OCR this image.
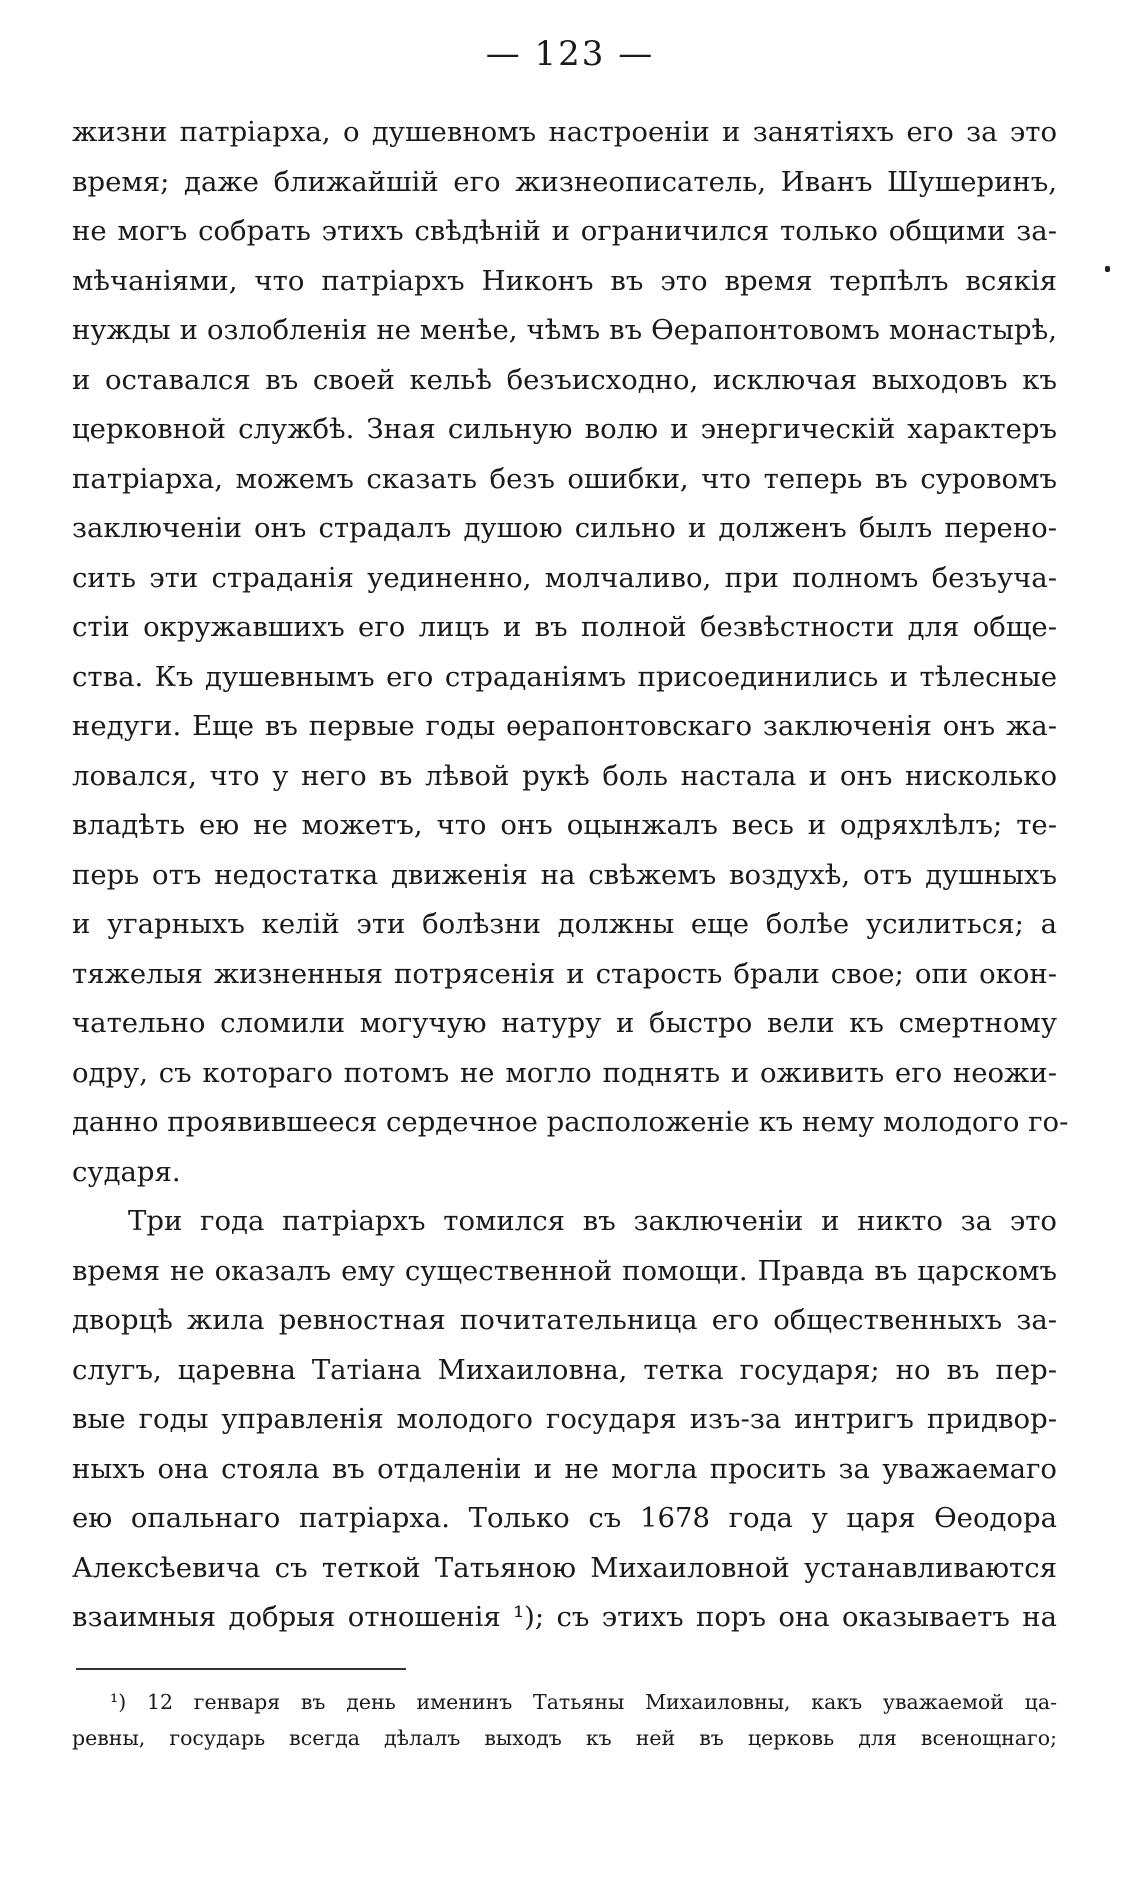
— 123 —
жизни патріарха, о душевномъ настроеніи и занятіяхъ его за это
время; даже ближайшій его жизнеописатель, Иванъ Шушеринъ,
не могъ собрать этихъ свѣдѣній и ограничился только общими за-
мѣчаніями, что патріархъ Никонъ въ это время терпѣлъ всякія
нужды и озлобленія не менѣе, чѣмъ въ Ѳерапонтовомъ монастырѣ,
и оставался въ своей кельѣ безъисходно, исключая выходовъ къ
церковной службѣ. Зная сильную волю и энергическій характеръ
патріарха, можемъ сказать безъ ошибки, что теперь въ суровомъ
заключеніи онъ страдалъ душою сильно и долженъ былъ перено-
сить эти страданія уединенно, молчаливо, при полномъ безъуча-
стіи окружавшихъ его лицъ и въ полной безвѣстности для обще-
ства. Къ душевнымъ его страданіямъ присоединились и тѣлесные
недуги. Еще въ первые годы ѳерапонтовскаго заключенія онъ жа-
ловался, что у него въ лѣвой рукѣ боль настала и онъ нисколько
владѣть ею не можетъ, что онъ оцынжалъ весь и одряхлѣлъ; те-
перь отъ недостатка движенія на свѣжемъ воздухѣ, отъ душныхъ
и угарныхъ келій эти болѣзни должны еще болѣе усилиться; а
тяжелыя жизненныя потрясенія и старость брали свое; опи окон-
чательно сломили могучую натуру и быстро вели къ смертному
одру, съ котораго потомъ не могло поднять и оживить его неожи-
данно проявившееся сердечное расположеніе къ нему молодого го-
сударя.
Три года патріархъ томился въ заключеніи и никто за это
время не оказалъ ему существенной помощи. Правда въ царскомъ
дворцѣ жила ревностная почитательница его общественныхъ за-
слугъ, царевна Татіана Михаиловна, тетка государя; но въ пер-
вые годы управленія молодого государя изъ-за интригъ придвор-
ныхъ она стояла въ отдаленіи и не могла просить за уважаемаго
ею опальнаго патріарха. Только съ 1678 года у царя Ѳеодора
Алексѣевича съ теткой Татьяною Михаиловной устанавливаются
взаимныя добрыя отношенія ¹); съ этихъ поръ она оказываетъ на
¹) 12 генваря въ день именинъ Татьяны Михаиловны, какъ уважаемой ца-
ревны, государь всегда дѣлалъ выходъ къ ней въ церковь для всенощнаго;
